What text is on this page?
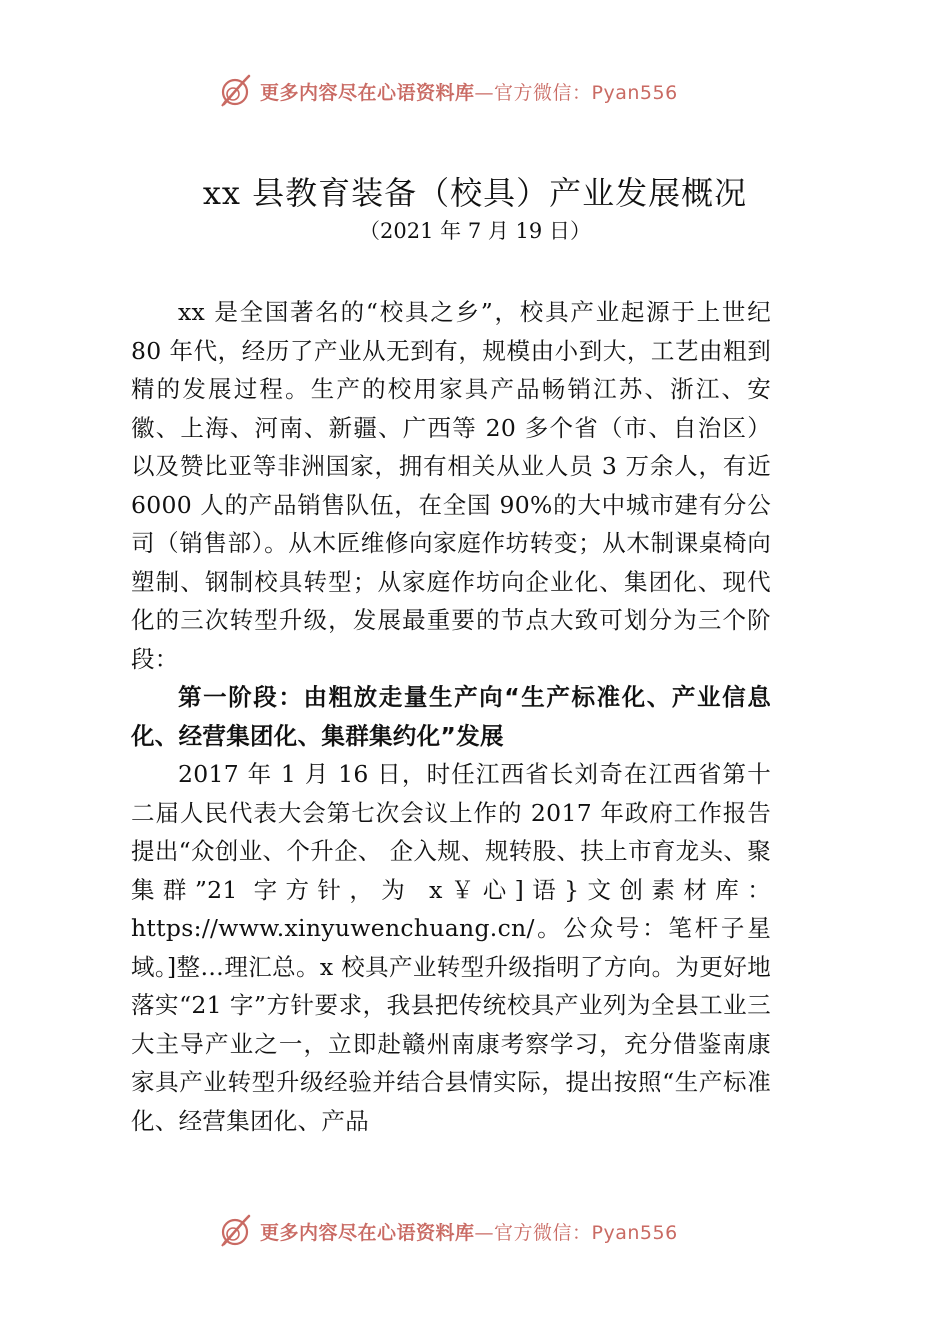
更多内容尽在心语资料库—官方微信：Pyan556
xx 县教育装备（校具）产业发展概况
（2021 年 7 月 19 日）

xx 是全国著名的“校具之乡”，校具产业起源于上世纪 80 年代，经历了产业从无到有，规模由小到大，工艺由粗到精的发展过程。生产的校用家具产品畅销江苏、浙江、安徽、上海、河南、新疆、广西等 20 多个省（市、自治区）以及赞比亚等非洲国家，拥有相关从业人员 3 万余人，有近 6000 人的产品销售队伍，在全国 90%的大中城市建有分公司（销售部）。从木匠维修向家庭作坊转变；从木制课桌椅向塑制、钢制校具转型；从家庭作坊向企业化、集团化、现代化的三次转型升级，发展最重要的节点大致可划分为三个阶段：

第一阶段：由粗放走量生产向“生产标准化、产业信息化、经营集团化、集群集约化”发展

2017 年 1 月 16 日，时任江西省长刘奇在江西省第十二届人民代表大会第七次会议上作的 2017 年政府工作报告提出“众创业、个升企、 企入规、规转股、扶上市育龙头、聚集群”21 字方针，为 x￥心]语}文创素材库：https://www.xinyuwenchuang.cn/。公众号：笔杆子星域。]整…理汇总。x 校具产业转型升级指明了方向。为更好地落实“21 字”方针要求，我县把传统校具产业列为全县工业三大主导产业之一，立即赴赣州南康考察学习，充分借鉴南康家具产业转型升级经验并结合县情实际，提出按照“生产标准化、经营集团化、产品

更多内容尽在心语资料库—官方微信：Pyan556
